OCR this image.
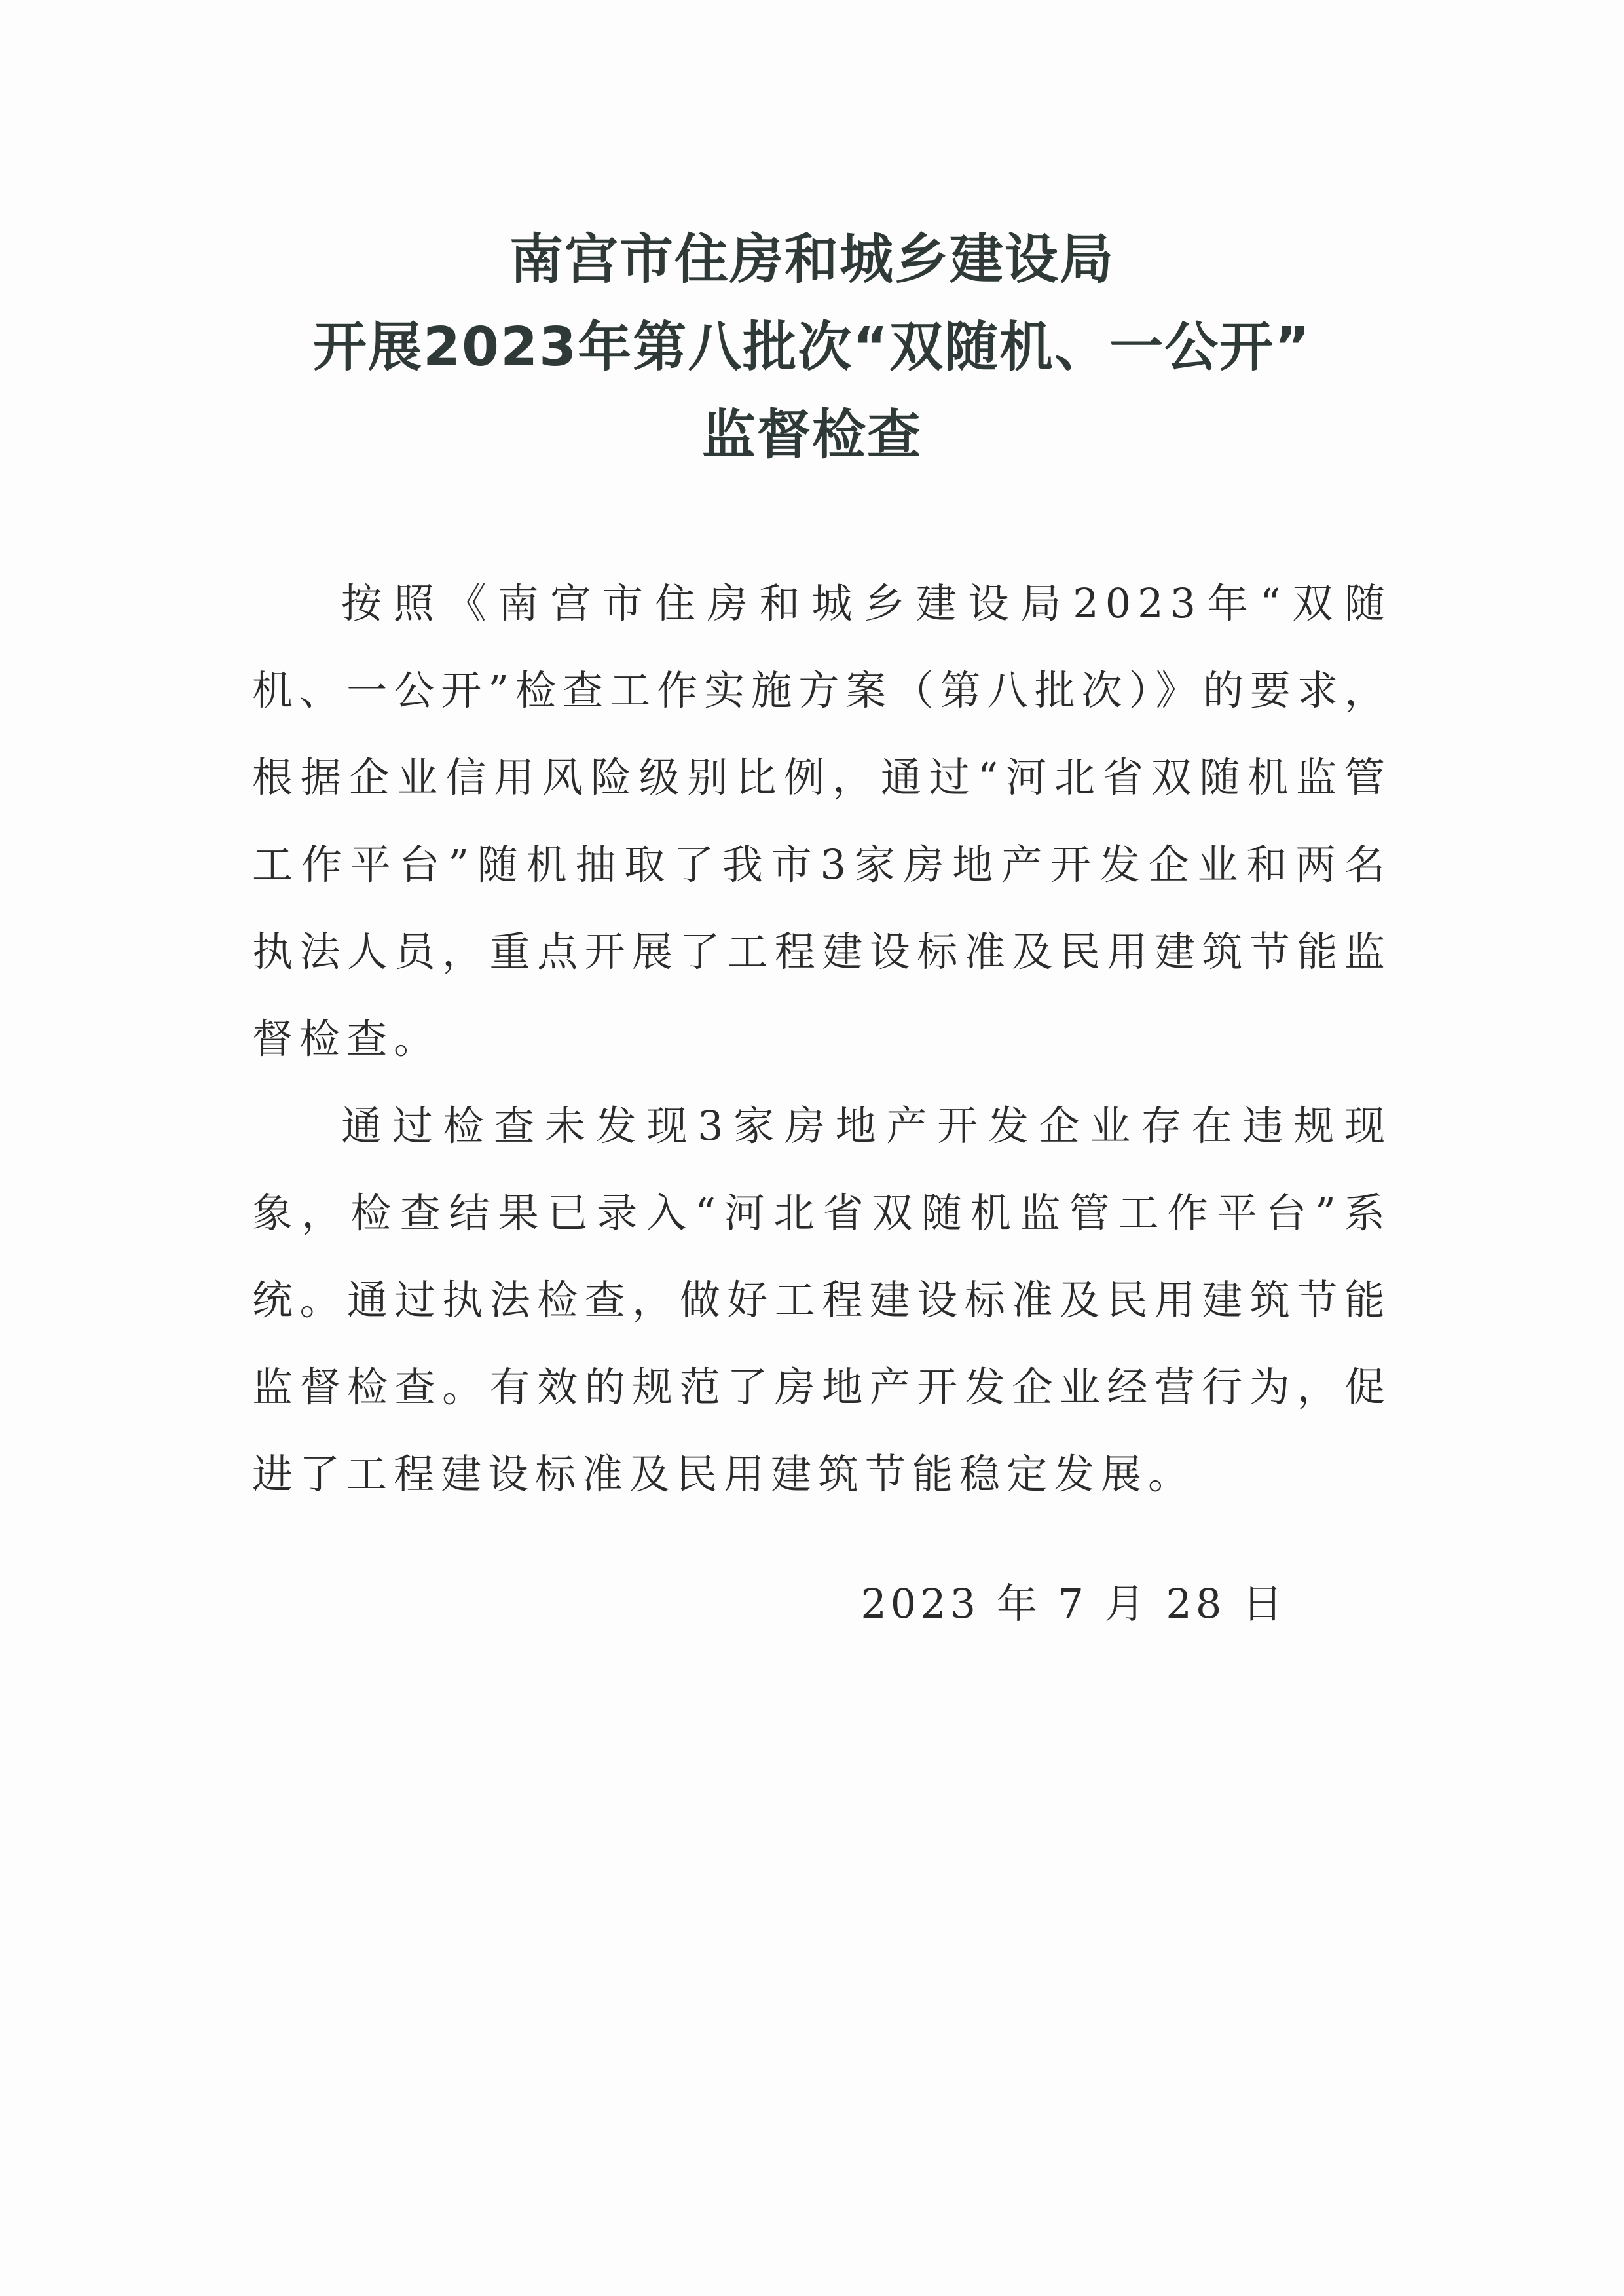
南宫市住房和城乡建设局
开展2023年第八批次“双随机、一公开”
监督检查

按照《南宫市住房和城乡建设局2023年“双随机、一公开”检查工作实施方案（第八批次）》的要求，根据企业信用风险级别比例，通过“河北省双随机监管工作平台”随机抽取了我市3家房地产开发企业和两名执法人员，重点开展了工程建设标准及民用建筑节能监督检查。

通过检查未发现3家房地产开发企业存在违规现象，检查结果已录入“河北省双随机监管工作平台”系统。通过执法检查，做好工程建设标准及民用建筑节能监督检查。有效的规范了房地产开发企业经营行为，促进了工程建设标准及民用建筑节能稳定发展。

2023 年 7 月 28 日
